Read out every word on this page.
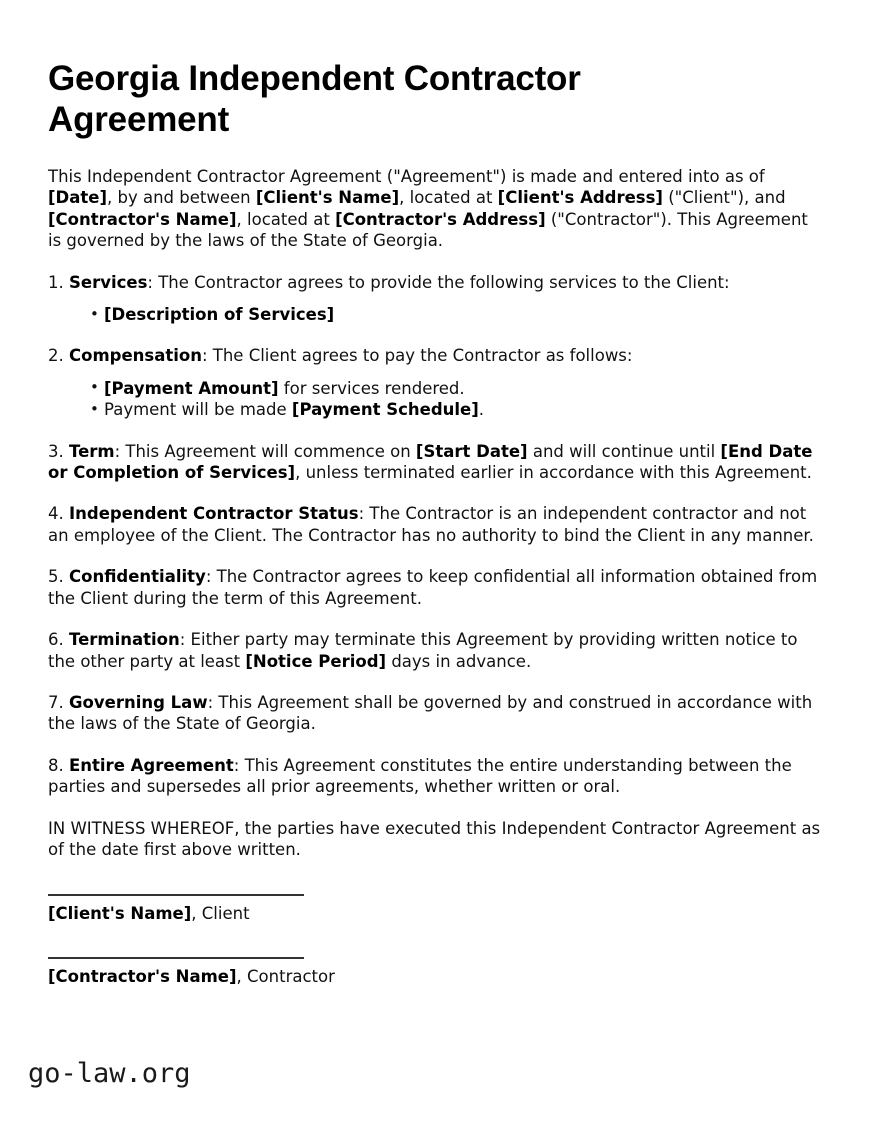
Georgia Independent Contractor Agreement

This Independent Contractor Agreement ("Agreement") is made and entered into as of [Date], by and between [Client's Name], located at [Client's Address] ("Client"), and [Contractor's Name], located at [Contractor's Address] ("Contractor"). This Agreement is governed by the laws of the State of Georgia.

1. Services: The Contractor agrees to provide the following services to the Client:

• [Description of Services]

2. Compensation: The Client agrees to pay the Contractor as follows:

• [Payment Amount] for services rendered.
• Payment will be made [Payment Schedule].

3. Term: This Agreement will commence on [Start Date] and will continue until [End Date or Completion of Services], unless terminated earlier in accordance with this Agreement.

4. Independent Contractor Status: The Contractor is an independent contractor and not an employee of the Client. The Contractor has no authority to bind the Client in any manner.

5. Confidentiality: The Contractor agrees to keep confidential all information obtained from the Client during the term of this Agreement.

6. Termination: Either party may terminate this Agreement by providing written notice to the other party at least [Notice Period] days in advance.

7. Governing Law: This Agreement shall be governed by and construed in accordance with the laws of the State of Georgia.

8. Entire Agreement: This Agreement constitutes the entire understanding between the parties and supersedes all prior agreements, whether written or oral.

IN WITNESS WHEREOF, the parties have executed this Independent Contractor Agreement as of the date first above written.

[Client's Name], Client
[Contractor's Name], Contractor
go-law.org
